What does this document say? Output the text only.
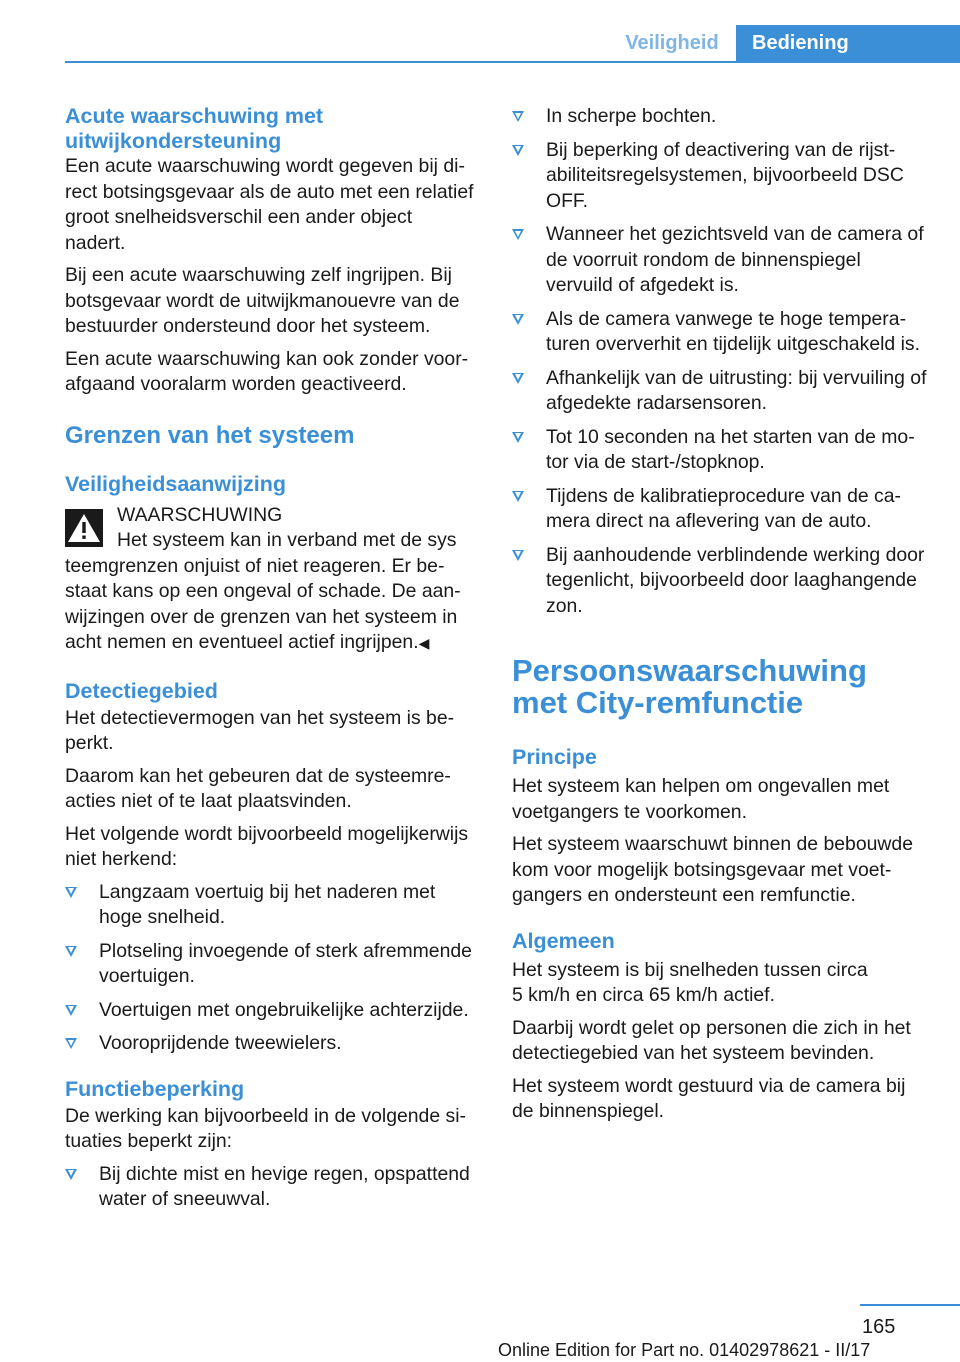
Veiligheid	Bediening
Acute waarschuwing met uitwijkondersteuning

Een acute waarschuwing wordt gegeven bij direct botsingsgevaar als de auto met een relatief groot snelheidsverschil een ander object nadert.

Bij een acute waarschuwing zelf ingrijpen. Bij botsgevaar wordt de uitwijkmanouevre van de bestuurder ondersteund door het systeem.

Een acute waarschuwing kan ook zonder voorafgaand vooralarm worden geactiveerd.

Grenzen van het systeem
Veiligheidsaanwijzing
WAARSCHUWING
Het systeem kan in verband met de sys
teemgrenzen onjuist of niet reageren. Er bestaat kans op een ongeval of schade. De aanwijzingen over de grenzen van het systeem in acht nemen en eventueel actief ingrijpen.◀
Detectiegebied

Het detectievermogen van het systeem is beperkt.

Daarom kan het gebeuren dat de systeemreacties niet of te laat plaatsvinden.

Het volgende wordt bijvoorbeeld mogelijkerwijs niet herkend:

Langzaam voertuig bij het naderen met hoge snelheid.
Plotseling invoegende of sterk afremmende voertuigen.
Voertuigen met ongebruikelijke achterzijde.
Vooroprijdende tweewielers.
Functiebeperking

De werking kan bijvoorbeeld in de volgende situaties beperkt zijn:

Bij dichte mist en hevige regen, opspattend water of sneeuwval.
In scherpe bochten.
Bij beperking of deactivering van de rijstabiliteitsregelsystemen, bijvoorbeeld DSC OFF.
Wanneer het gezichtsveld van de camera of de voorruit rondom de binnenspiegel vervuild of afgedekt is.
Als de camera vanwege te hoge temperaturen oververhit en tijdelijk uitgeschakeld is.
Afhankelijk van de uitrusting: bij vervuiling of afgedekte radarsensoren.
Tot 10 seconden na het starten van de motor via de start-/stopknop.
Tijdens de kalibratieprocedure van de camera direct na aflevering van de auto.
Bij aanhoudende verblindende werking door tegenlicht, bijvoorbeeld door laaghangende zon.
Persoonswaarschuwing met City-remfunctie
Principe

Het systeem kan helpen om ongevallen met voetgangers te voorkomen.

Het systeem waarschuwt binnen de bebouwde kom voor mogelijk botsingsgevaar met voetgangers en ondersteunt een remfunctie.

Algemeen

Het systeem is bij snelheden tussen circa
5 km/h en circa 65 km/h actief.

Daarbij wordt gelet op personen die zich in het detectiegebied van het systeem bevinden.

Het systeem wordt gestuurd via de camera bij de binnenspiegel.

165
Online Edition for Part no. 01402978621 - II/17
